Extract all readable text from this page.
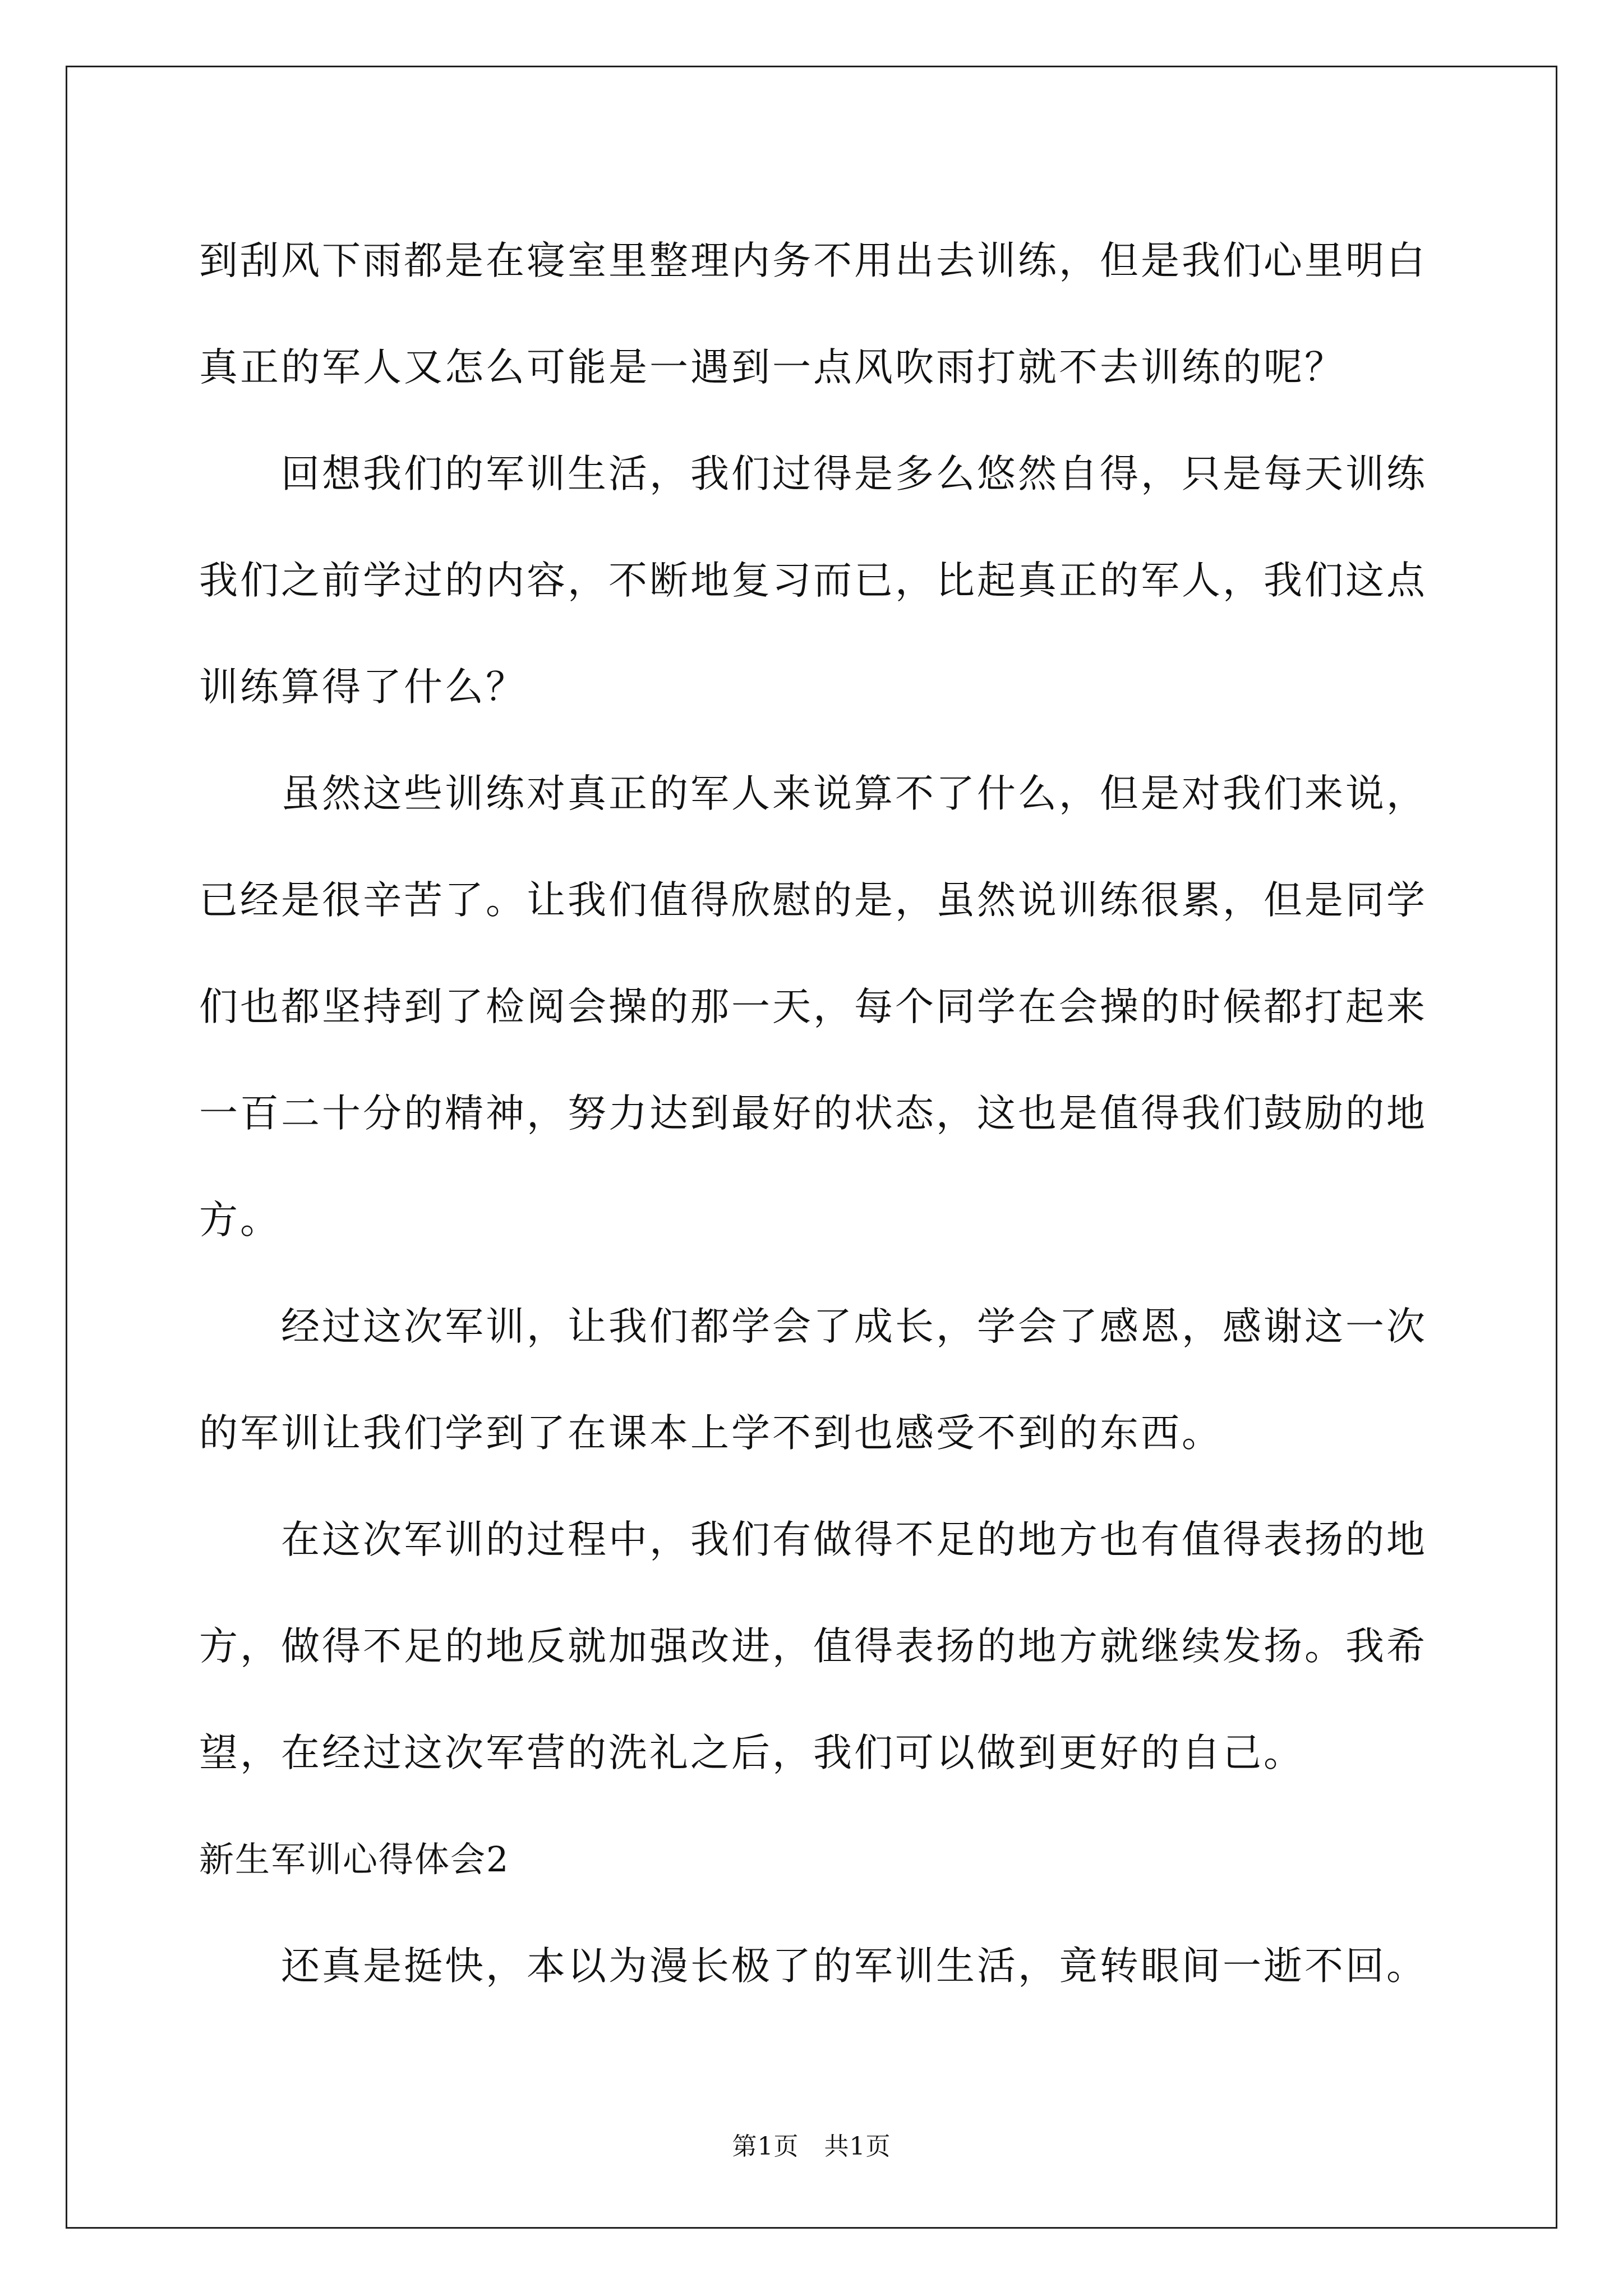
到刮风下雨都是在寝室里整理内务不用出去训练，但是我们心里明白真正的军人又怎么可能是一遇到一点风吹雨打就不去训练的呢？

回想我们的军训生活，我们过得是多么悠然自得，只是每天训练我们之前学过的内容，不断地复习而已，比起真正的军人，我们这点训练算得了什么？

虽然这些训练对真正的军人来说算不了什么，但是对我们来说，已经是很辛苦了。让我们值得欣慰的是，虽然说训练很累，但是同学们也都坚持到了检阅会操的那一天，每个同学在会操的时候都打起来一百二十分的精神，努力达到最好的状态，这也是值得我们鼓励的地方。

经过这次军训，让我们都学会了成长，学会了感恩，感谢这一次的军训让我们学到了在课本上学不到也感受不到的东西。

在这次军训的过程中，我们有做得不足的地方也有值得表扬的地方，做得不足的地反就加强改进，值得表扬的地方就继续发扬。我希望，在经过这次军营的洗礼之后，我们可以做到更好的自己。

新生军训心得体会2

还真是挺快，本以为漫长极了的军训生活，竟转眼间一逝不回。

第1页   共1页
